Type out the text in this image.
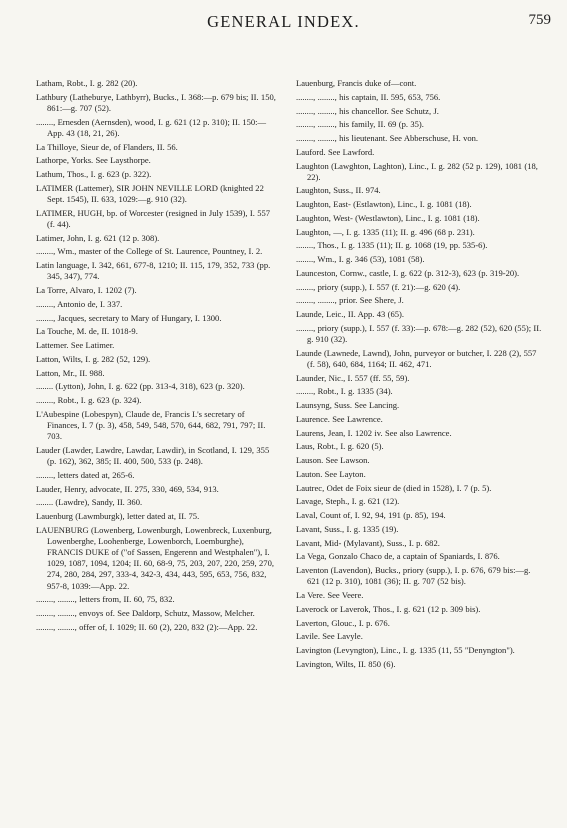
GENERAL INDEX.	759

Latham, Robt., I. g. 282 (20).

Lathbury (Latheburye, Lathbyrr), Bucks., I. 368:—p. 679 bis; II. 150, 861:—g. 707 (52).

........, Ernesden (Aernsden), wood, I. g. 621 (12 p. 310); II. 150:—App. 43 (18, 21, 26).

La Thilloye, Sieur de, of Flanders, II. 56.

Lathorpe, Yorks. See Laysthorpe.

Lathum, Thos., I. g. 623 (p. 322).

LATIMER (Lattemer), SIR JOHN NEVILLE LORD (knighted 22 Sept. 1545), II. 633, 1029:—g. 910 (32).

LATIMER, HUGH, bp. of Worcester (resigned in July 1539), I. 557 (f. 44).

Latimer, John, I. g. 621 (12 p. 308).

........, Wm., master of the College of St. Laurence, Pountney, I. 2.

Latin language, I. 342, 661, 677-8, 1210; II. 115, 179, 352, 733 (pp. 345, 347), 774.

La Torre, Alvaro, I. 1202 (7).

........, Antonio de, I. 337.

........, Jacques, secretary to Mary of Hungary, I. 1300.

La Touche, M. de, II. 1018-9.

Lattemer. See Latimer.

Latton, Wilts, I. g. 282 (52, 129).

Latton, Mr., II. 988.

........ (Lytton), John, I. g. 622 (pp. 313-4, 318), 623 (p. 320).

........, Robt., I. g. 623 (p. 324).

L'Aubespine (Lobespyn), Claude de, Francis I.'s secretary of Finances, I. 7 (p. 3), 458, 549, 548, 570, 644, 682, 791, 797; II. 703.

Lauder (Lawder, Lawdre, Lawdar, Lawdir), in Scotland, I. 129, 355 (p. 162), 362, 385; II. 400, 500, 533 (p. 248).

........, letters dated at, 265-6.

Lauder, Henry, advocate, II. 275, 330, 469, 534, 913.

........ (Lawdre), Sandy, II. 360.

Lauenburg (Lawmburgk), letter dated at, II. 75.

LAUENBURG (Lowenberg, Lowenburgh, Lowenbreck, Luxenburg, Lowenberghe, Loohenberge, Lowenborch, Loemburghe), FRANCIS DUKE of ("of Sassen, Engerenn and Westphalen"), I. 1029, 1087, 1094, 1204; II. 60, 68-9, 75, 203, 207, 220, 259, 270, 274, 280, 284, 297, 333-4, 342-3, 434, 443, 595, 653, 756, 832, 957-8, 1039:—App. 22.

........, ........, letters from, II. 60, 75, 832.

........, ........, envoys of. See Daldorp, Schutz, Massow, Melcher.

........, ........, offer of, I. 1029; II. 60 (2), 220, 832 (2):—App. 22.

Lauenburg, Francis duke of—cont.

........, ........, his captain, II. 595, 653, 756.

........, ........, his chancellor. See Schutz, J.

........, ........, his family, II. 69 (p. 35).

........, ........, his lieutenant. See Abberschuse, H. von.

Lauford. See Lawford.

Laughton (Lawghton, Laghton), Linc., I. g. 282 (52 p. 129), 1081 (18, 22).

Laughton, Suss., II. 974.

Laughton, East- (Estlawton), Linc., I. g. 1081 (18).

Laughton, West- (Westlawton), Linc., I. g. 1081 (18).

Laughton, —, I. g. 1335 (11); II. g. 496 (68 p. 231).

........, Thos., I. g. 1335 (11); II. g. 1068 (19, pp. 535-6).

........, Wm., I. g. 346 (53), 1081 (58).

Launceston, Cornw., castle, I. g. 622 (p. 312-3), 623 (p. 319-20).

........, priory (supp.), I. 557 (f. 21):—g. 620 (4).

........, ........, prior. See Shere, J.

Launde, Leic., II. App. 43 (65).

........, priory (supp.), I. 557 (f. 33):—p. 678:—g. 282 (52), 620 (55); II. g. 910 (32).

Launde (Lawnede, Lawnd), John, purveyor or butcher, I. 228 (2), 557 (f. 58), 640, 684, 1164; II. 462, 471.

Launder, Nic., I. 557 (ff. 55, 59).

........, Robt., I. g. 1335 (34).

Launsyng, Suss. See Lancing.

Laurence. See Lawrence.

Laurens, Jean, I. 1202 iv. See also Lawrence.

Laus, Robt., I. g. 620 (5).

Lauson. See Lawson.

Lauton. See Layton.

Lautrec, Odet de Foix sieur de (died in 1528), I. 7 (p. 5).

Lavage, Steph., I. g. 621 (12).

Laval, Count of, I. 92, 94, 191 (p. 85), 194.

Lavant, Suss., I. g. 1335 (19).

Lavant, Mid- (Mylavant), Suss., I. p. 682.

La Vega, Gonzalo Chaco de, a captain of Spaniards, I. 876.

Laventon (Lavendon), Bucks., priory (supp.), I. p. 676, 679 bis:—g. 621 (12 p. 310), 1081 (36); II. g. 707 (52 bis).

La Vere. See Veere.

Laverock or Laverok, Thos., I. g. 621 (12 p. 309 bis).

Laverton, Glouc., I. p. 676.

Lavile. See Lavyle.

Lavington (Levyngton), Linc., I. g. 1335 (11, 55 "Denyngton").

Lavington, Wilts, II. 850 (6).
